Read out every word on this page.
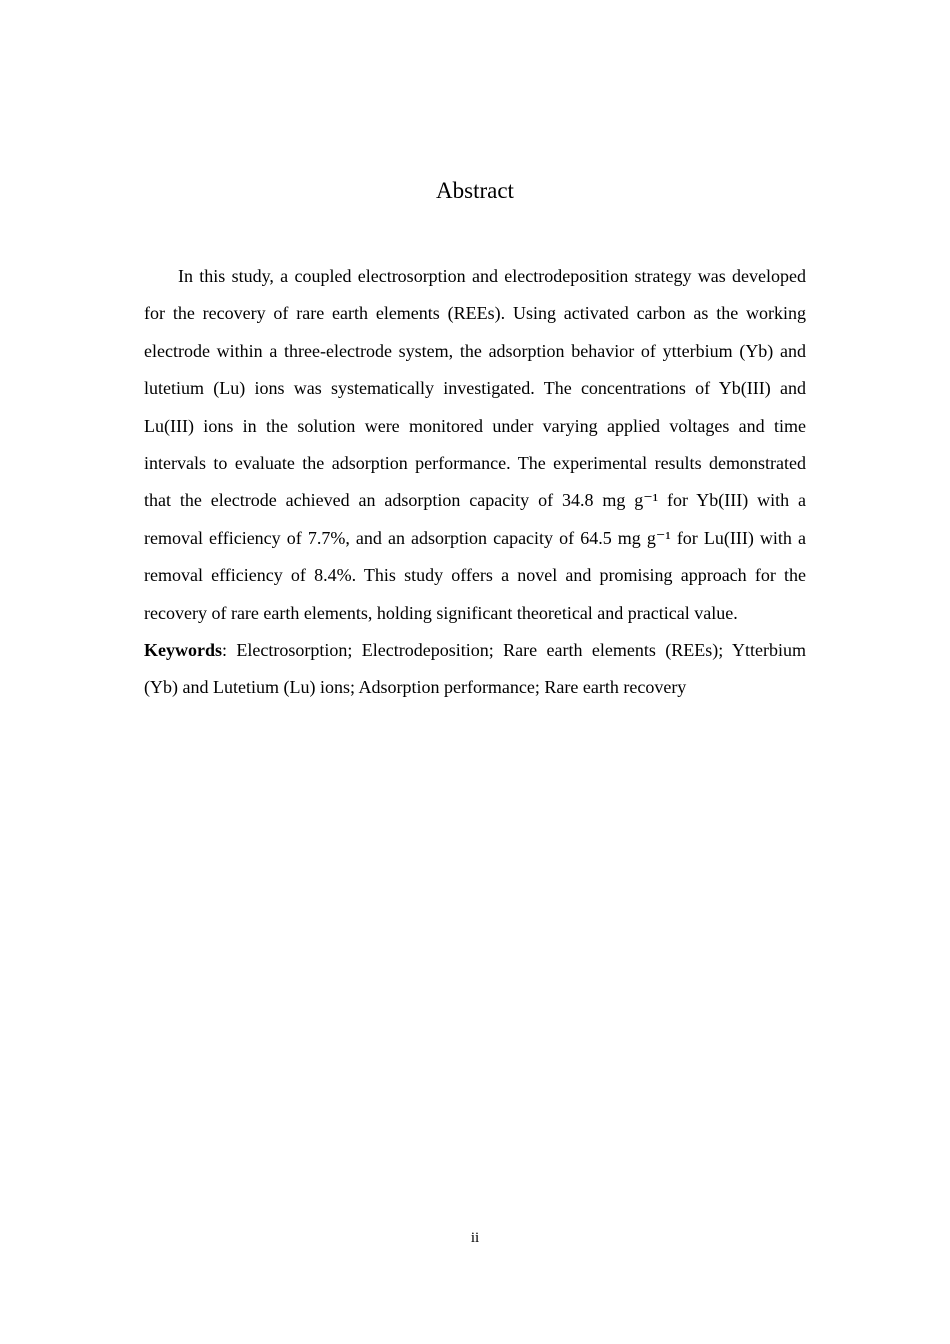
Abstract

In this study, a coupled electrosorption and electrodeposition strategy was developed for the recovery of rare earth elements (REEs). Using activated carbon as the working electrode within a three-electrode system, the adsorption behavior of ytterbium (Yb) and lutetium (Lu) ions was systematically investigated. The concentrations of Yb(III) and Lu(III) ions in the solution were monitored under varying applied voltages and time intervals to evaluate the adsorption performance. The experimental results demonstrated that the electrode achieved an adsorption capacity of 34.8 mg g⁻¹ for Yb(III) with a removal efficiency of 7.7%, and an adsorption capacity of 64.5 mg g⁻¹ for Lu(III) with a removal efficiency of 8.4%. This study offers a novel and promising approach for the recovery of rare earth elements, holding significant theoretical and practical value.

Keywords: Electrosorption; Electrodeposition; Rare earth elements (REEs); Ytterbium (Yb) and Lutetium (Lu) ions; Adsorption performance; Rare earth recovery

ii
